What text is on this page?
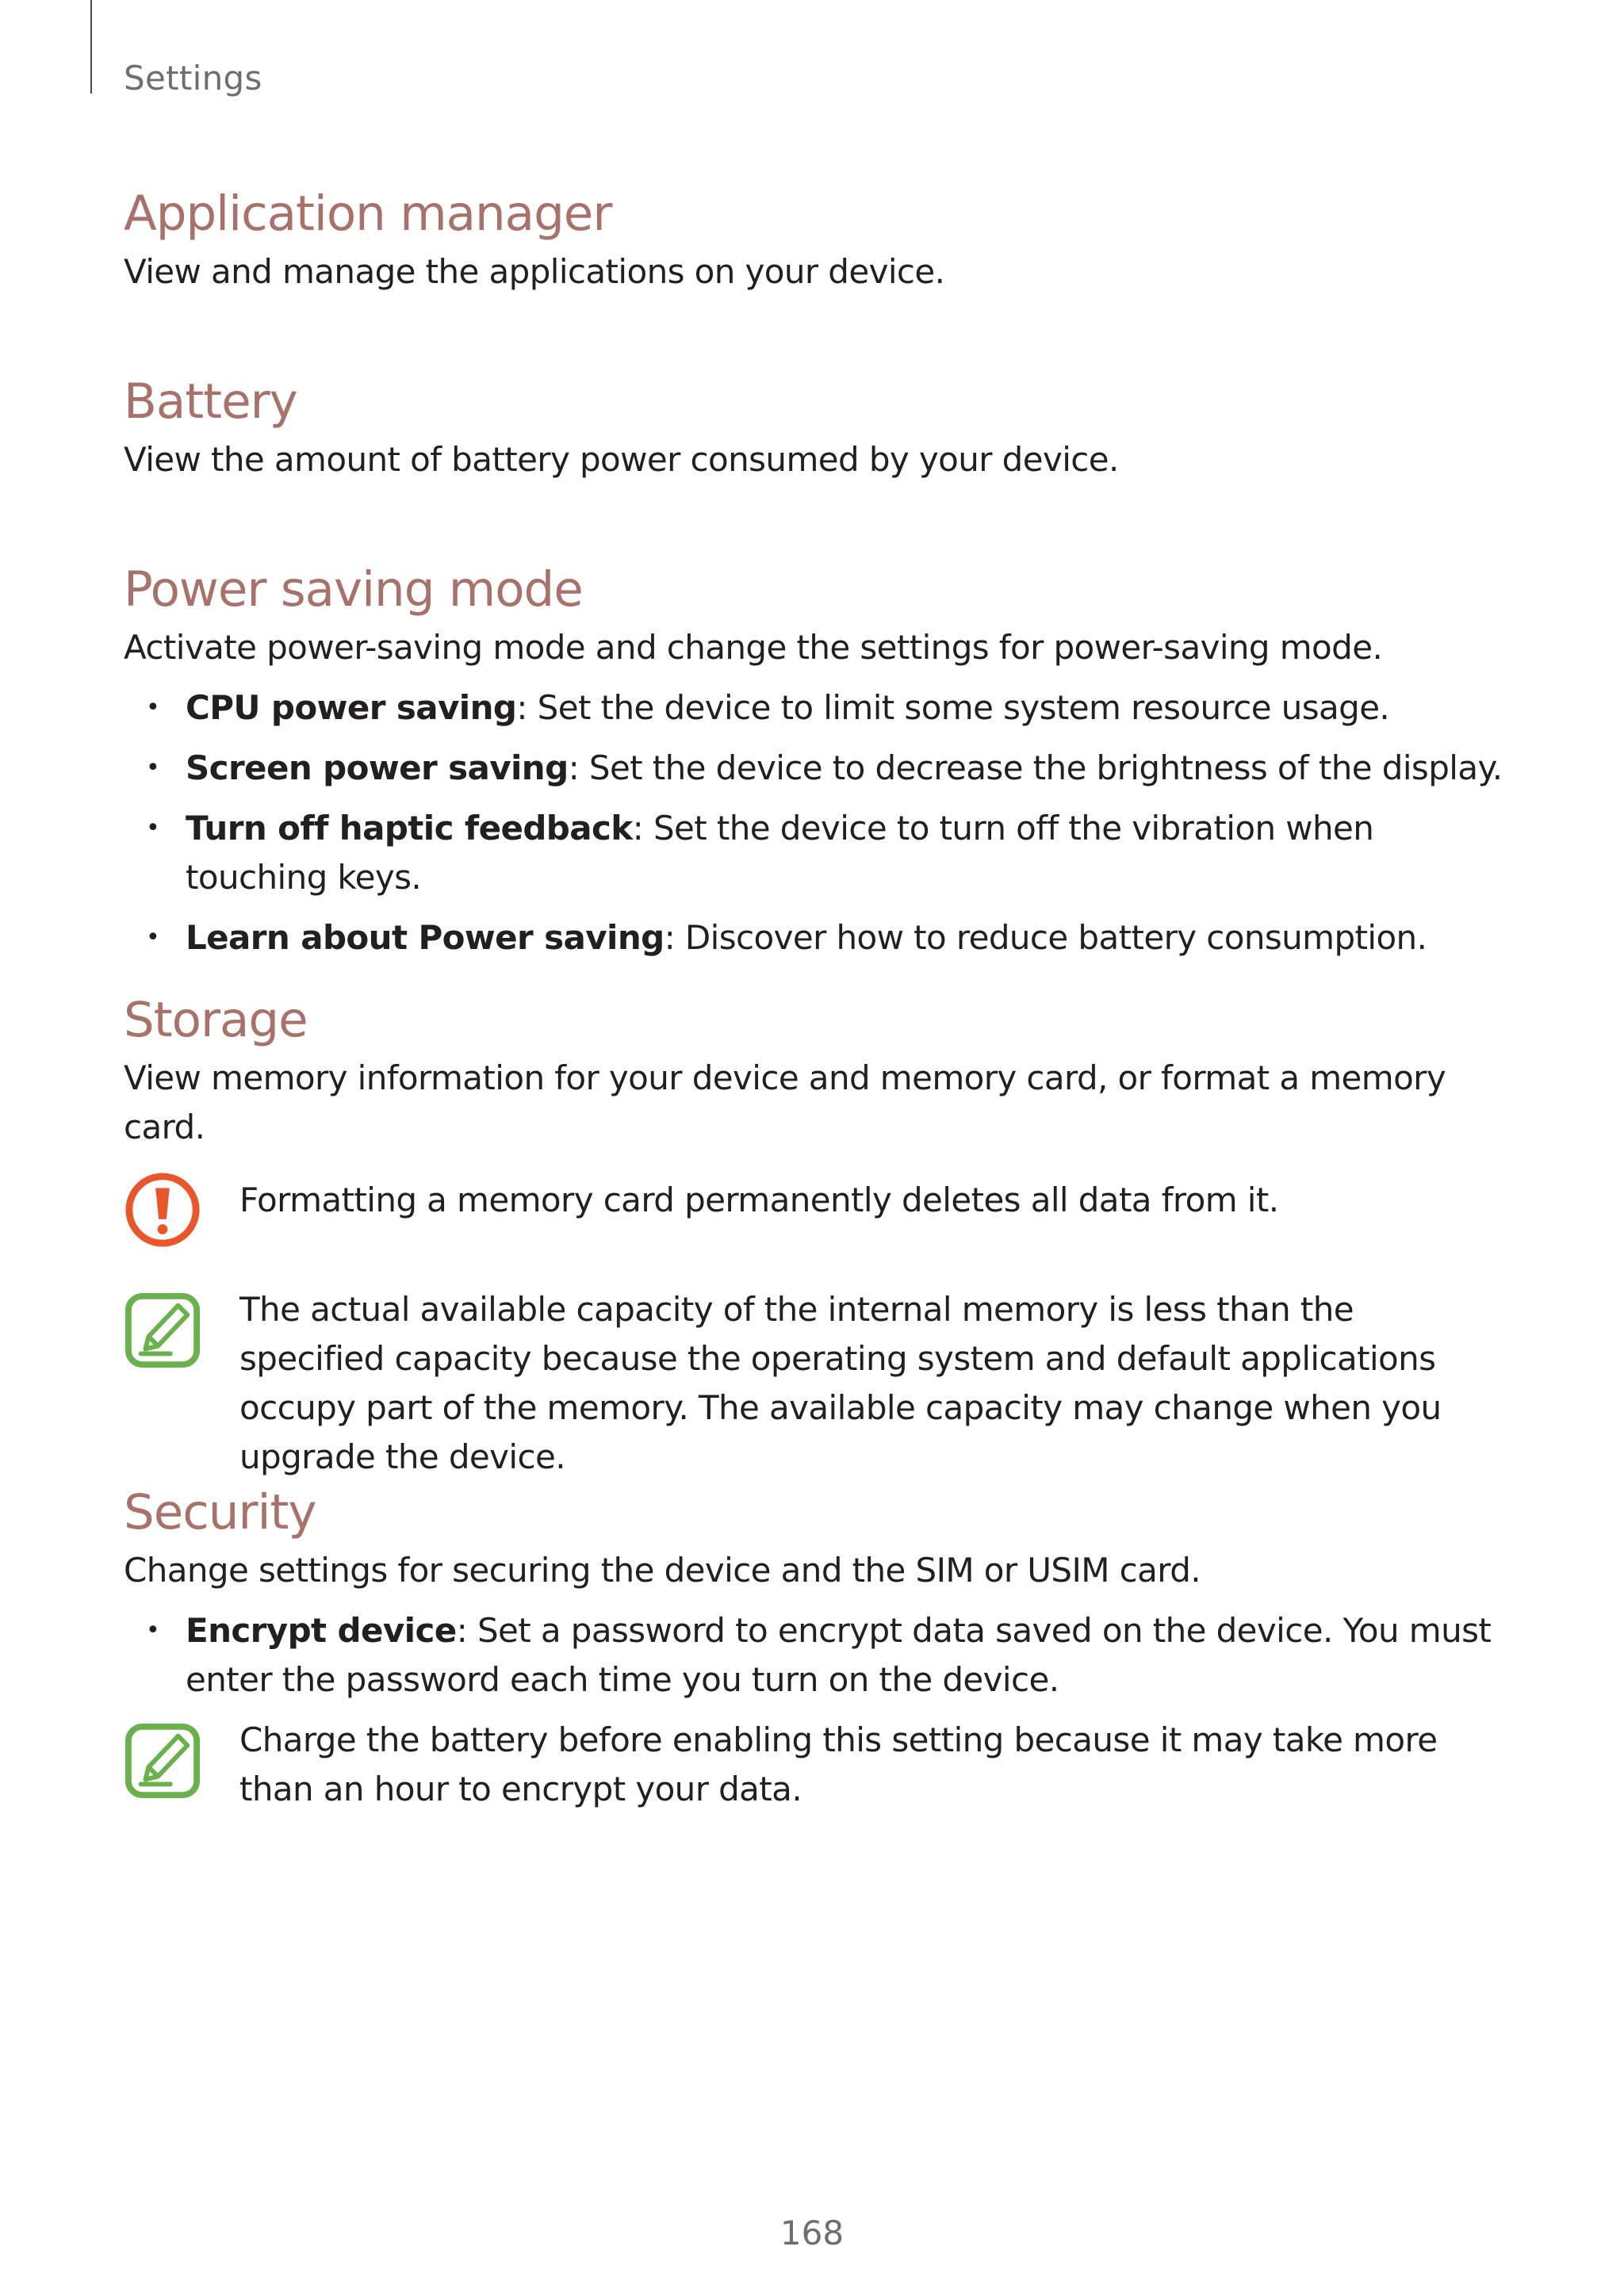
Settings
Application manager

View and manage the applications on your device.

Battery

View the amount of battery power consumed by your device.

Power saving mode

Activate power-saving mode and change the settings for power-saving mode.

• CPU power saving: Set the device to limit some system resource usage.
• Screen power saving: Set the device to decrease the brightness of the display.
• Turn off haptic feedback: Set the device to turn off the vibration when touching keys.
• Learn about Power saving: Discover how to reduce battery consumption.
Storage

View memory information for your device and memory card, or format a memory card.

Formatting a memory card permanently deletes all data from it.
The actual available capacity of the internal memory is less than the specified capacity because the operating system and default applications occupy part of the memory. The available capacity may change when you upgrade the device.
Security

Change settings for securing the device and the SIM or USIM card.

• Encrypt device: Set a password to encrypt data saved on the device. You must enter the password each time you turn on the device.
Charge the battery before enabling this setting because it may take more than an hour to encrypt your data.
168
